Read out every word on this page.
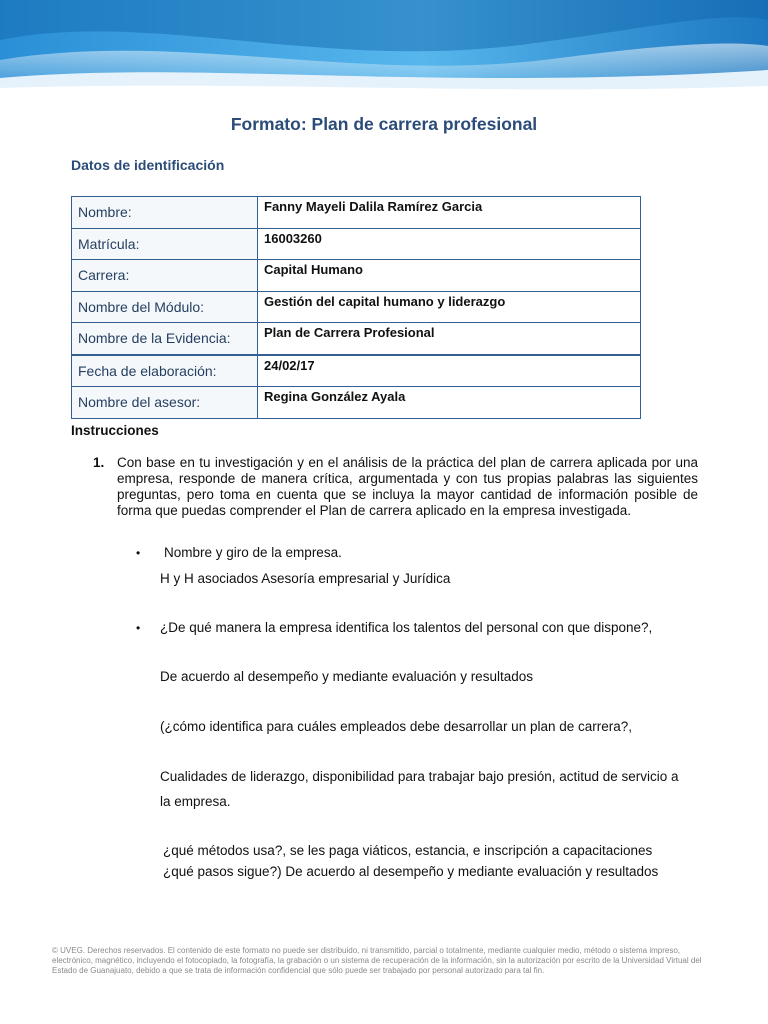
Formato: Plan de carrera profesional
Datos de identificación
Nombre:	Fanny Mayeli Dalila Ramírez Garcia
Matrícula:	16003260
Carrera:	Capital Humano
Nombre del Módulo:	Gestión del capital humano y liderazgo
Nombre de la Evidencia:	Plan de Carrera Profesional
Fecha de elaboración:	24/02/17
Nombre del asesor:	Regina González Ayala
Instrucciones
1. Con base en tu investigación y en el análisis de la práctica del plan de carrera aplicada por una empresa, responde de manera crítica, argumentada y con tus propias palabras las siguientes preguntas, pero toma en cuenta que se incluya la mayor cantidad de información posible de forma que puedas comprender el Plan de carrera aplicado en la empresa investigada.
• Nombre y giro de la empresa.
H y H asociados Asesoría empresarial y Jurídica
• ¿De qué manera la empresa identifica los talentos del personal con que dispone?,
De acuerdo al desempeño y mediante evaluación y resultados
(¿cómo identifica para cuáles empleados debe desarrollar un plan de carrera?,
Cualidades de liderazgo, disponibilidad para trabajar bajo presión, actitud de servicio a
la empresa.
¿qué métodos usa?, se les paga viáticos, estancia, e inscripción a capacitaciones
¿qué pasos sigue?) De acuerdo al desempeño y mediante evaluación y resultados
© UVEG. Derechos reservados. El contenido de este formato no puede ser distribuido, ni transmitido, parcial o totalmente, mediante cualquier medio, método o sistema impreso, electrónico, magnético, incluyendo el fotocopiado, la fotografía, la grabación o un sistema de recuperación de la información, sin la autorización por escrito de la Universidad Virtual del Estado de Guanajuato, debido a que se trata de información confidencial que sólo puede ser trabajado por personal autorizado para tal fin.
